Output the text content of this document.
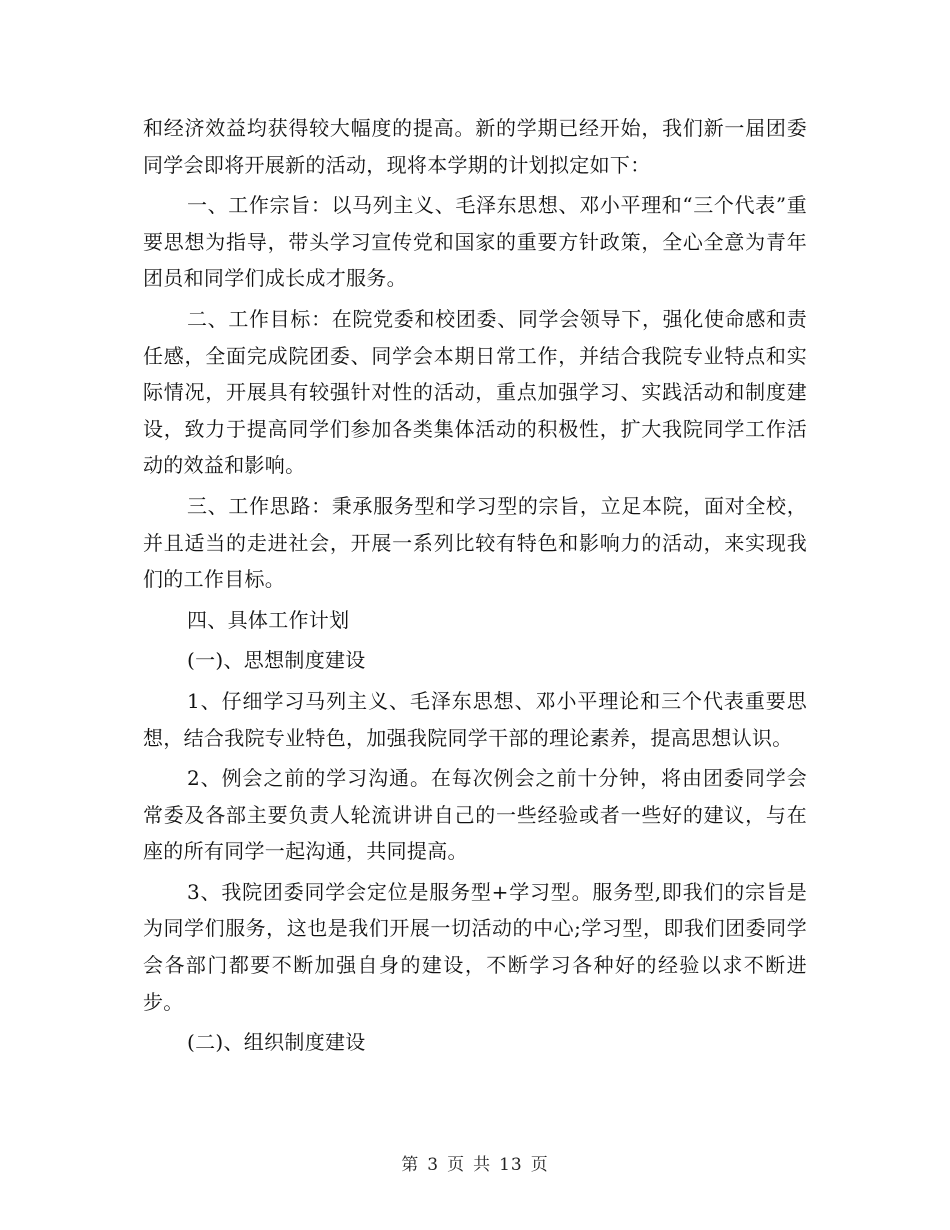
和经济效益均获得较大幅度的提高。新的学期已经开始，我们新一届团委同学会即将开展新的活动，现将本学期的计划拟定如下：

一、工作宗旨：以马列主义、毛泽东思想、邓小平理和“三个代表”重要思想为指导，带头学习宣传党和国家的重要方针政策，全心全意为青年团员和同学们成长成才服务。

二、工作目标：在院党委和校团委、同学会领导下，强化使命感和责任感，全面完成院团委、同学会本期日常工作，并结合我院专业特点和实际情况，开展具有较强针对性的活动，重点加强学习、实践活动和制度建设，致力于提高同学们参加各类集体活动的积极性，扩大我院同学工作活动的效益和影响。

三、工作思路：秉承服务型和学习型的宗旨，立足本院，面对全校，并且适当的走进社会，开展一系列比较有特色和影响力的活动，来实现我们的工作目标。

四、具体工作计划

(一)、思想制度建设

1、仔细学习马列主义、毛泽东思想、邓小平理论和三个代表重要思想，结合我院专业特色，加强我院同学干部的理论素养，提高思想认识。

2、例会之前的学习沟通。在每次例会之前十分钟，将由团委同学会常委及各部主要负责人轮流讲讲自己的一些经验或者一些好的建议，与在座的所有同学一起沟通，共同提高。

3、我院团委同学会定位是服务型+学习型。服务型,即我们的宗旨是为同学们服务，这也是我们开展一切活动的中心;学习型，即我们团委同学会各部门都要不断加强自身的建设，不断学习各种好的经验以求不断进步。

(二)、组织制度建设

第 3 页 共 13 页
